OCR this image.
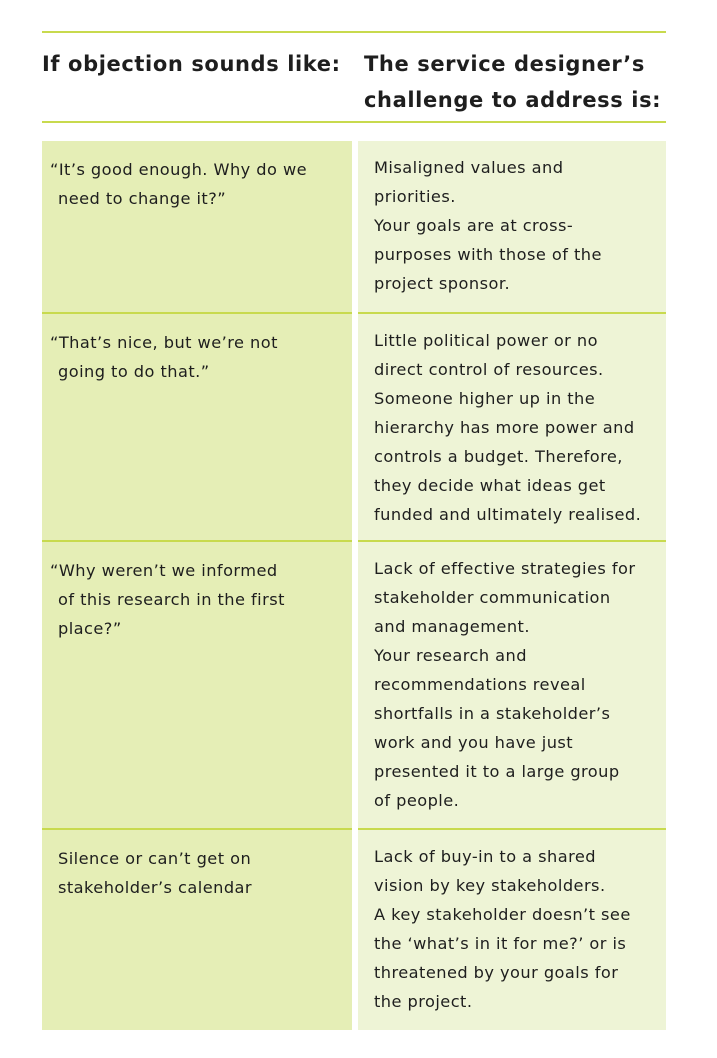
If objection sounds like:	The service designer’s
challenge to address is:
“It’s good enough. Why do we
need to change it?”
Misaligned values and
priorities.
Your goals are at cross-
purposes with those of the
project sponsor.
“That’s nice, but we’re not
going to do that.”
Little political power or no
direct control of resources.
Someone higher up in the
hierarchy has more power and
controls a budget. Therefore,
they decide what ideas get
funded and ultimately realised.
“Why weren’t we informed
of this research in the first
place?”
Lack of effective strategies for
stakeholder communication
and management.
Your research and
recommendations reveal
shortfalls in a stakeholder’s
work and you have just
presented it to a large group
of people.
Silence or can’t get on
stakeholder’s calendar
Lack of buy-in to a shared
vision by key stakeholders.
A key stakeholder doesn’t see
the ‘what’s in it for me?’ or is
threatened by your goals for
the project.
